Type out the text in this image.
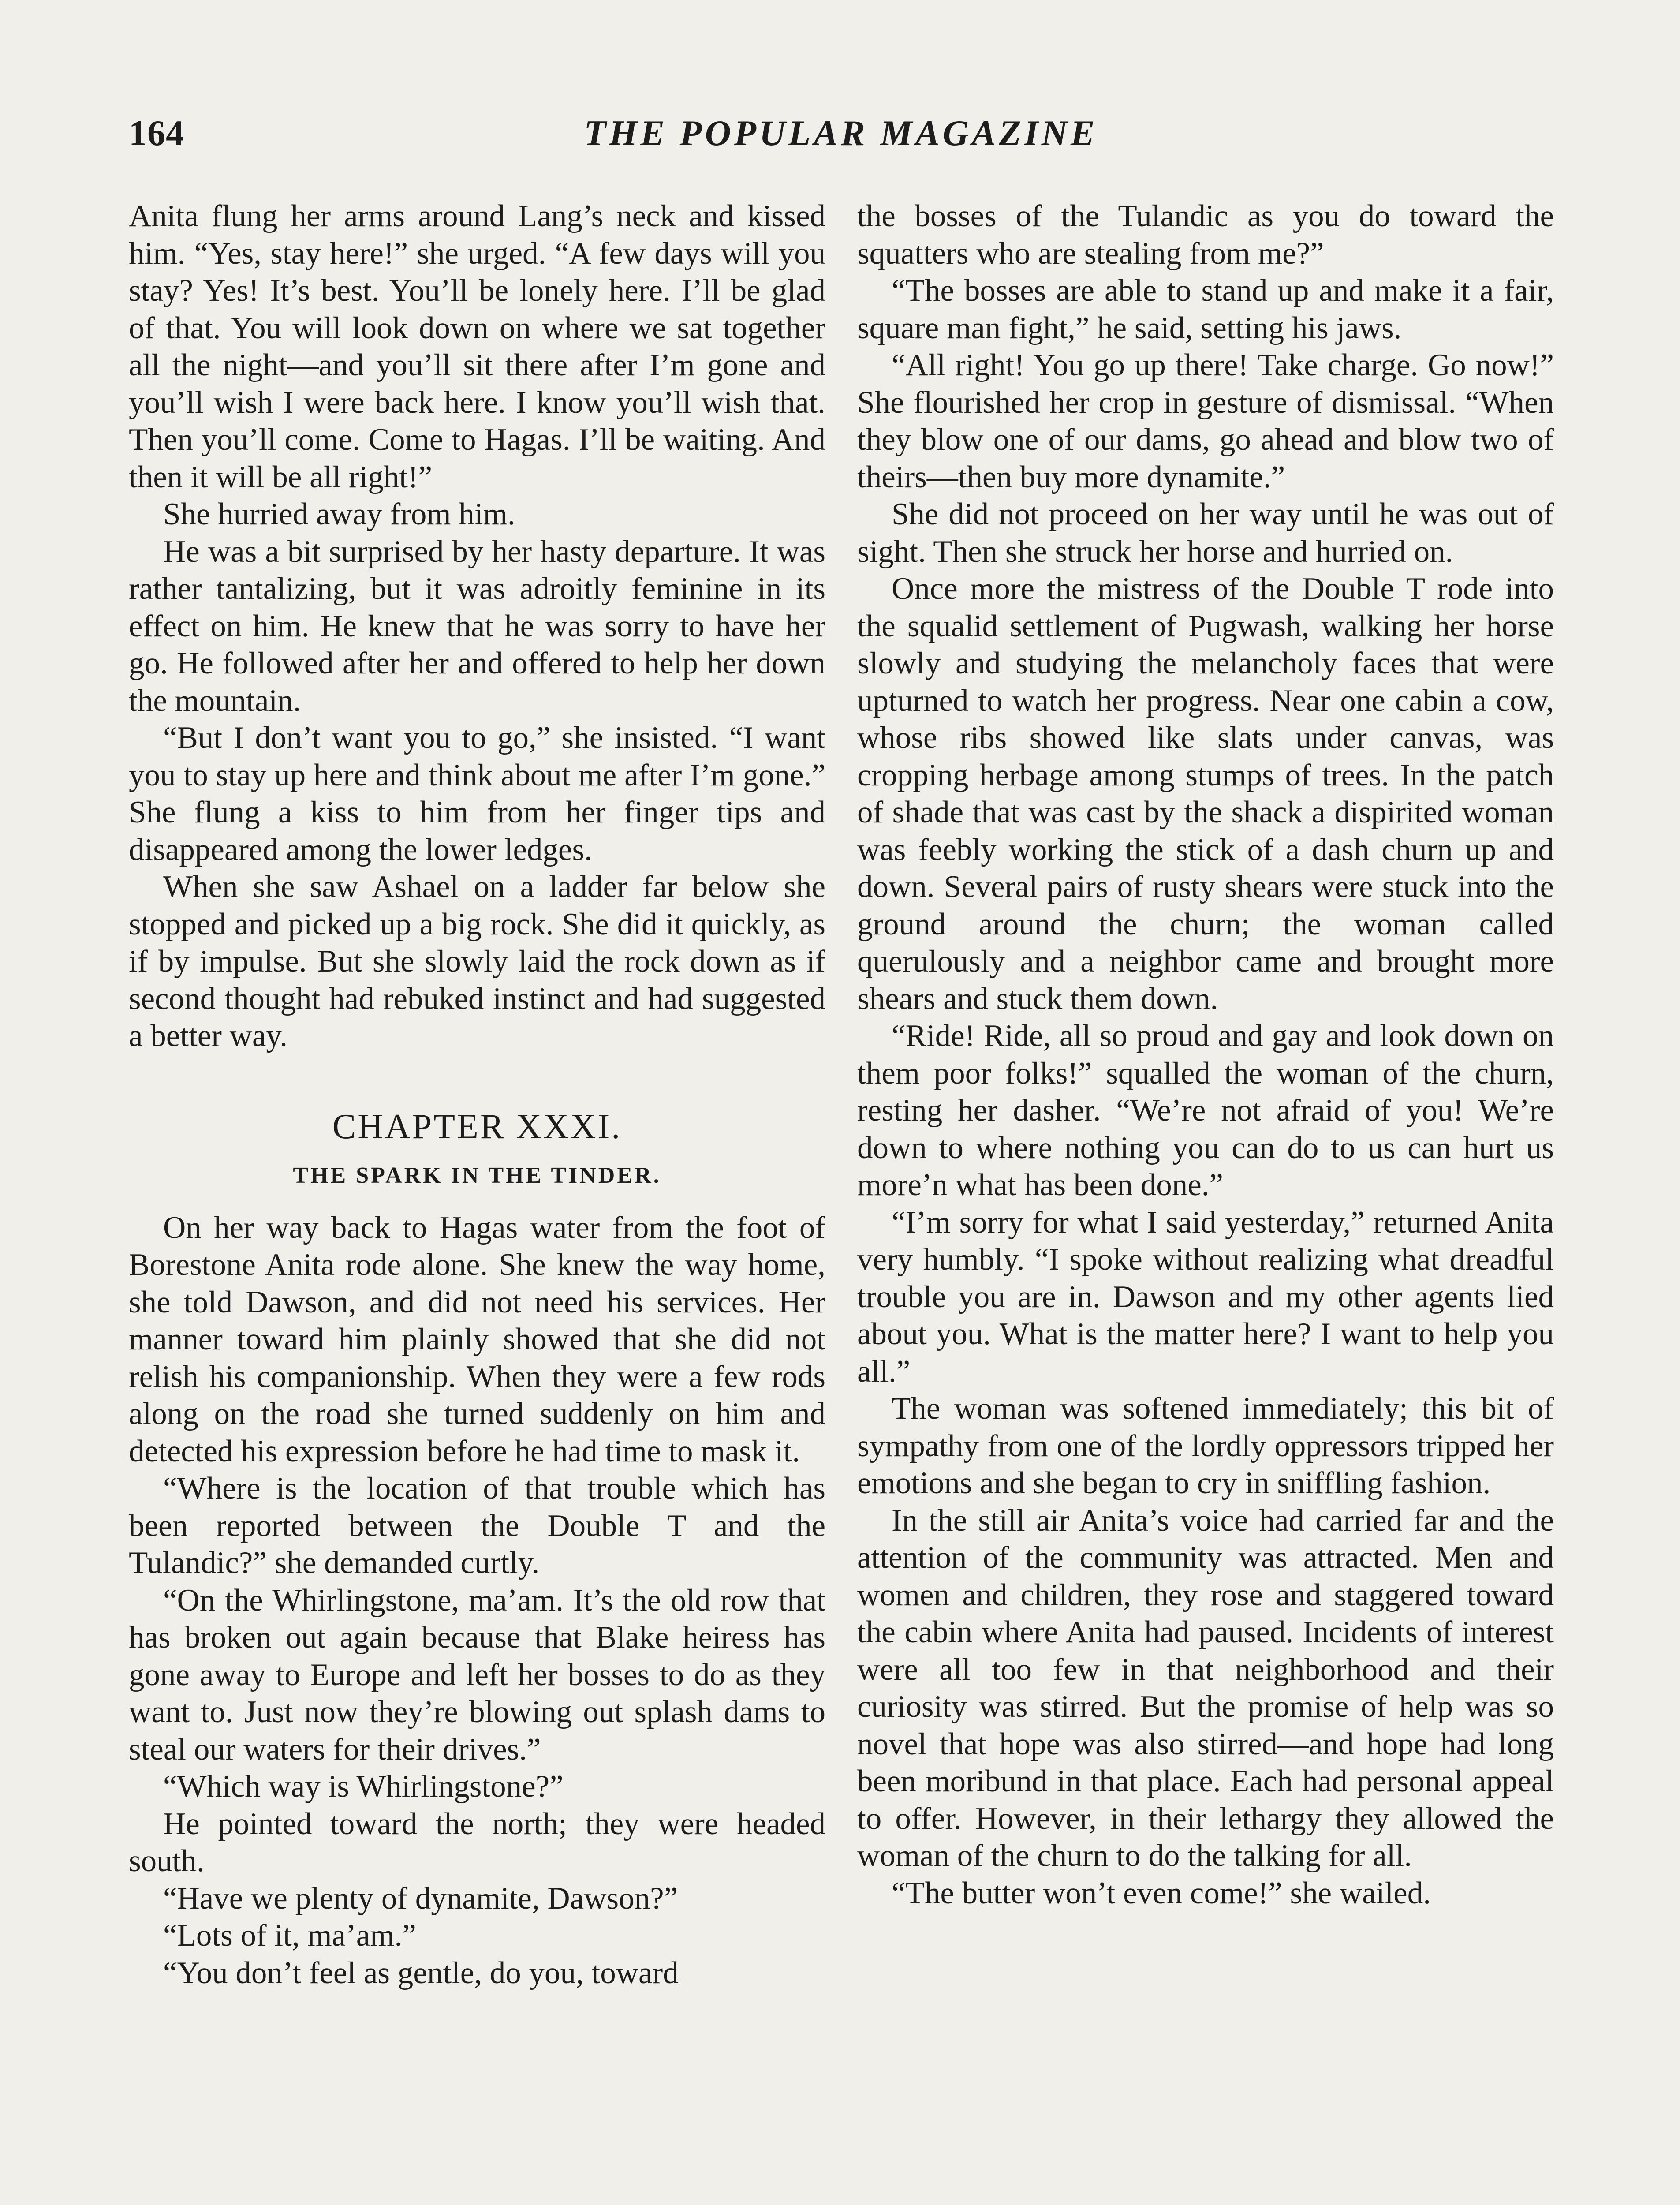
164	THE POPULAR MAGAZINE

Anita flung her arms around Lang’s neck and kissed him. “Yes, stay here!” she urged. “A few days will you stay? Yes! It’s best. You’ll be lonely here. I’ll be glad of that. You will look down on where we sat together all the night—and you’ll sit there after I’m gone and you’ll wish I were back here. I know you’ll wish that. Then you’ll come. Come to Hagas. I’ll be waiting. And then it will be all right!”

She hurried away from him.

He was a bit surprised by her hasty departure. It was rather tantalizing, but it was adroitly feminine in its effect on him. He knew that he was sorry to have her go. He followed after her and offered to help her down the mountain.

“But I don’t want you to go,” she insisted. “I want you to stay up here and think about me after I’m gone.” She flung a kiss to him from her finger tips and disappeared among the lower ledges.

When she saw Ashael on a ladder far below she stopped and picked up a big rock. She did it quickly, as if by impulse. But she slowly laid the rock down as if second thought had rebuked instinct and had suggested a better way.

CHAPTER XXXI.
THE SPARK IN THE TINDER.

On her way back to Hagas water from the foot of Borestone Anita rode alone. She knew the way home, she told Dawson, and did not need his services. Her manner toward him plainly showed that she did not relish his companionship. When they were a few rods along on the road she turned suddenly on him and detected his expression before he had time to mask it.

“Where is the location of that trouble which has been reported between the Double T and the Tulandic?” she demanded curtly.

“On the Whirlingstone, ma’am. It’s the old row that has broken out again because that Blake heiress has gone away to Europe and left her bosses to do as they want to. Just now they’re blowing out splash dams to steal our waters for their drives.”

“Which way is Whirlingstone?”

He pointed toward the north; they were headed south.

“Have we plenty of dynamite, Dawson?”

“Lots of it, ma’am.”

“You don’t feel as gentle, do you, toward

the bosses of the Tulandic as you do toward the squatters who are stealing from me?”

“The bosses are able to stand up and make it a fair, square man fight,” he said, setting his jaws.

“All right! You go up there! Take charge. Go now!” She flourished her crop in gesture of dismissal. “When they blow one of our dams, go ahead and blow two of theirs—then buy more dynamite.”

She did not proceed on her way until he was out of sight. Then she struck her horse and hurried on.

Once more the mistress of the Double T rode into the squalid settlement of Pugwash, walking her horse slowly and studying the melancholy faces that were upturned to watch her progress. Near one cabin a cow, whose ribs showed like slats under canvas, was cropping herbage among stumps of trees. In the patch of shade that was cast by the shack a dispirited woman was feebly working the stick of a dash churn up and down. Several pairs of rusty shears were stuck into the ground around the churn; the woman called querulously and a neighbor came and brought more shears and stuck them down.

“Ride! Ride, all so proud and gay and look down on them poor folks!” squalled the woman of the churn, resting her dasher. “We’re not afraid of you! We’re down to where nothing you can do to us can hurt us more’n what has been done.”

“I’m sorry for what I said yesterday,” returned Anita very humbly. “I spoke without realizing what dreadful trouble you are in. Dawson and my other agents lied about you. What is the matter here? I want to help you all.”

The woman was softened immediately; this bit of sympathy from one of the lordly oppressors tripped her emotions and she began to cry in sniffling fashion.

In the still air Anita’s voice had carried far and the attention of the community was attracted. Men and women and children, they rose and staggered toward the cabin where Anita had paused. Incidents of interest were all too few in that neighborhood and their curiosity was stirred. But the promise of help was so novel that hope was also stirred—and hope had long been moribund in that place. Each had personal appeal to offer. However, in their lethargy they allowed the woman of the churn to do the talking for all.

“The butter won’t even come!” she wailed.
